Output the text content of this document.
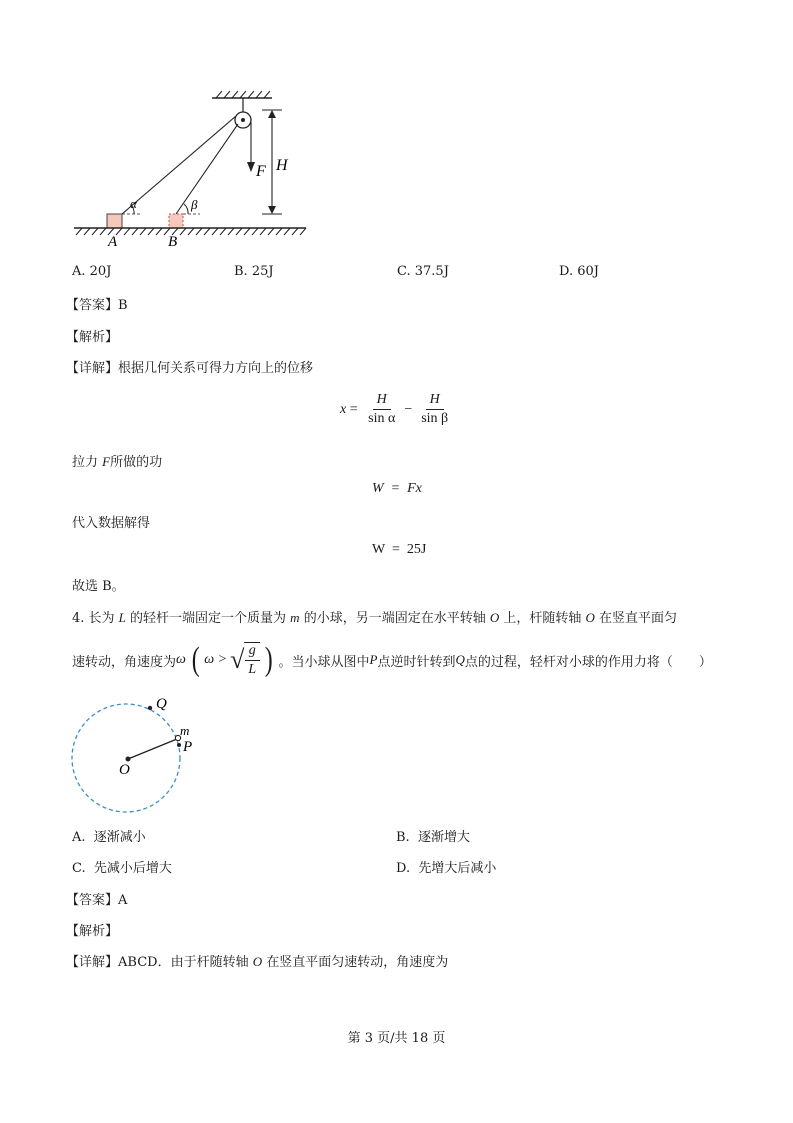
F H
α	β
A	B
A. 20J	B. 25J	C. 37.5J	D. 60J
【答案】B
【解析】
【详解】根据几何关系可得力方向上的位移
$x = \frac{H}{\text{sin α}} - \frac{H}{\text{sin β}}$
拉力 F所做的功
W  =  Fx
代入数据解得
W  =  25J
故选 B。
4. 长为 L 的轻杆一端固定一个质量为 m 的小球，另一端固定在水平转轴 O 上，杆随转轴 O 在竖直平面匀
速转动，角速度为 ω ( ω > √ $\frac{g}{L}$ ) 。当小球从图中 P 点逆时针转到 Q 点的过程，轻杆对小球的作用力将（　　）
Q
m
P
O
A.  逐渐减小	B.  逐渐增大
C.  先减小后增大	D.  先增大后减小
【答案】A
【解析】
【详解】ABCD．由于杆随转轴 O 在竖直平面匀速转动，角速度为
第 3 页/共 18 页
